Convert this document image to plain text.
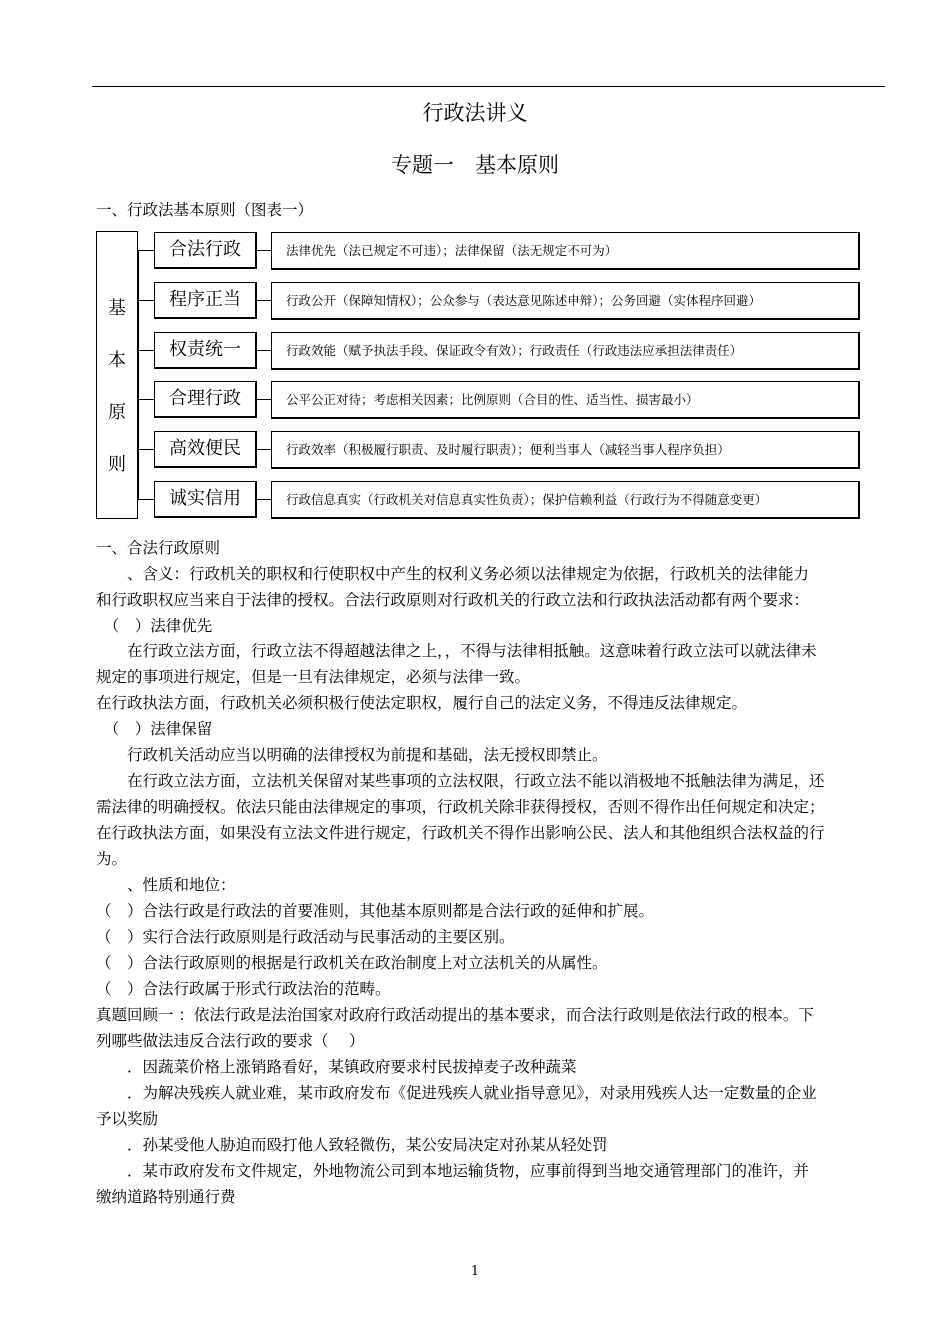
行政法讲义
专题一　基本原则
一、行政法基本原则（图表一）
基
本
原
则
合法行政	法律优先（法已规定不可违）；法律保留（法无规定不可为）
程序正当	行政公开（保障知情权）；公众参与（表达意见陈述申辩）；公务回避（实体程序回避）
权责统一	行政效能（赋予执法手段、保证政令有效）；行政责任（行政违法应承担法律责任）
合理行政	公平公正对待；考虑相关因素；比例原则（合目的性、适当性、损害最小）
高效便民	行政效率（积极履行职责、及时履行职责）；便利当事人（减轻当事人程序负担）
诚实信用	行政信息真实（行政机关对信息真实性负责）；保护信赖利益（行政行为不得随意变更）
一、合法行政原则
　　、含义：行政机关的职权和行使职权中产生的权利义务必须以法律规定为依据，行政机关的法律能力
和行政职权应当来自于法律的授权。合法行政原则对行政机关的行政立法和行政执法活动都有两个要求：
　（　）法律优先
　　在行政立法方面，行政立法不得超越法律之上，，不得与法律相抵触。这意味着行政立法可以就法律未
规定的事项进行规定，但是一旦有法律规定，必须与法律一致。
在行政执法方面，行政机关必须积极行使法定职权，履行自己的法定义务，不得违反法律规定。
　（　）法律保留
　　行政机关活动应当以明确的法律授权为前提和基础，法无授权即禁止。
　　在行政立法方面，立法机关保留对某些事项的立法权限，行政立法不能以消极地不抵触法律为满足，还
需法律的明确授权。依法只能由法律规定的事项，行政机关除非获得授权，否则不得作出任何规定和决定；
在行政执法方面，如果没有立法文件进行规定，行政机关不得作出影响公民、法人和其他组织合法权益的行
为。
　　、性质和地位：
（　）合法行政是行政法的首要准则，其他基本原则都是合法行政的延伸和扩展。
（　）实行合法行政原则是行政活动与民事活动的主要区别。
（　）合法行政原则的根据是行政机关在政治制度上对立法机关的从属性。
（　）合法行政属于形式行政法治的范畴。
真题回顾一 ：依法行政是法治国家对政府行政活动提出的基本要求，而合法行政则是依法行政的根本。下
列哪些做法违反合法行政的要求（　 ）
　　．因蔬菜价格上涨销路看好，某镇政府要求村民拔掉麦子改种蔬菜
　　．为解决残疾人就业难，某市政府发布《促进残疾人就业指导意见》，对录用残疾人达一定数量的企业
予以奖励
　　．孙某受他人胁迫而殴打他人致轻微伤，某公安局决定对孙某从轻处罚
　　．某市政府发布文件规定，外地物流公司到本地运输货物，应事前得到当地交通管理部门的准许，并
缴纳道路特别通行费
1
